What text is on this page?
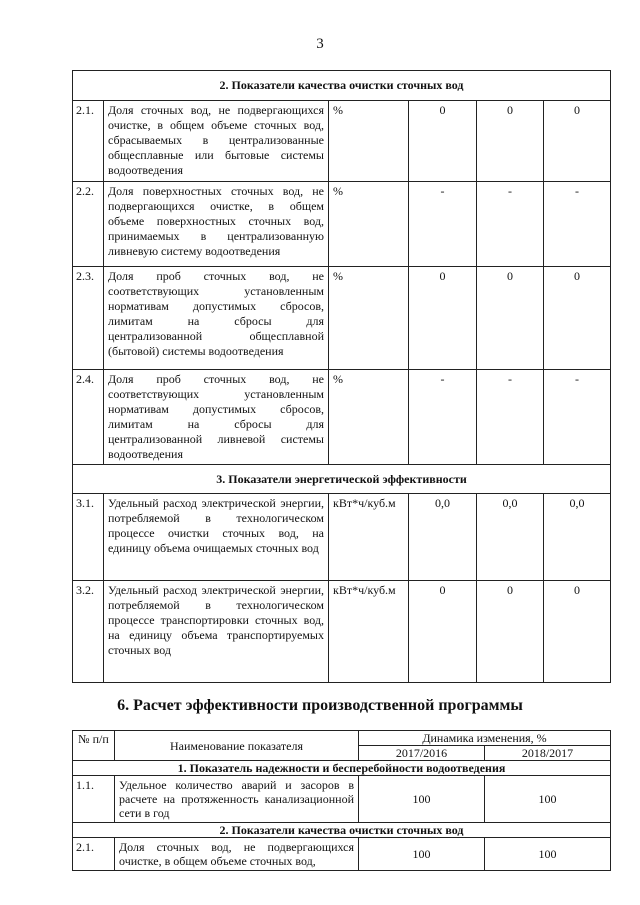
3
2. Показатели качества очистки сточных вод					
2.1.	Доля сточных вод, не подвергающихся очистке, в общем объеме сточных вод, сбрасываемых в централизованные общесплавные или бытовые системы водоотведения	%	0	0	0
2.2.	Доля поверхностных сточных вод, не подвергающихся очистке, в общем объеме поверхностных сточных вод, принимаемых в централизованную ливневую систему водоотведения	%	-	-	-
2.3.	Доля проб сточных вод, не соответствующих установленным нормативам допустимых сбросов, лимитам на сбросы для централизованной общесплавной (бытовой) системы водоотведения	%	0	0	0
2.4.	Доля проб сточных вод, не соответствующих установленным нормативам допустимых сбросов, лимитам на сбросы для централизованной ливневой системы водоотведения	%	-	-	-
3. Показатели энергетической эффективности					
3.1.	Удельный расход электрической энергии, потребляемой в технологическом процессе очистки сточных вод, на единицу объема очищаемых сточных вод	кВт*ч/куб.м	0,0	0,0	0,0
3.2.	Удельный расход электрической энергии, потребляемой в технологическом процессе транспортировки сточных вод, на единицу объема транспортируемых сточных вод	кВт*ч/куб.м	0	0	0
6. Расчет эффективности производственной программы
№ п/п	Наименование показателя	Динамика изменения, %	
		2017/2016	2018/2017
1. Показатель надежности и бесперебойности водоотведения			
1.1.	Удельное количество аварий и засоров в расчете на протяженность канализационной сети в год	100	100
2. Показатели качества очистки сточных вод			
2.1.	Доля сточных вод, не подвергающихся очистке, в общем объеме сточных вод,	100	100
